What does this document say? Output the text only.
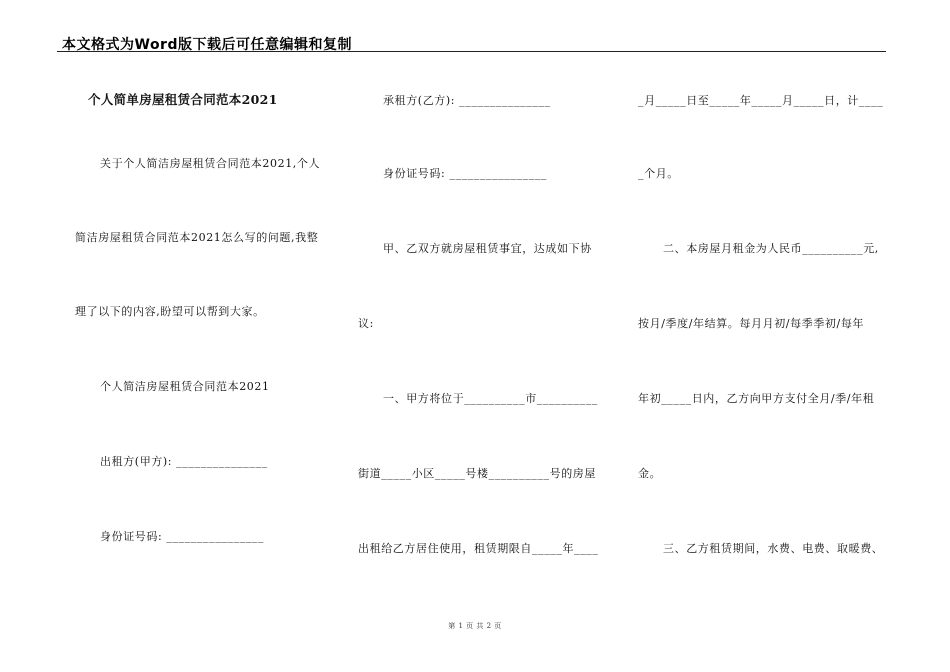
本文格式为Word版下载后可任意编辑和复制
个人简单房屋租赁合同范本2021
关于个人简洁房屋租赁合同范本2021,个人
简洁房屋租赁合同范本2021怎么写的问题,我整
理了以下的内容,盼望可以帮到大家。
个人简洁房屋租赁合同范本2021
出租方(甲方): _______________
身份证号码: ________________
承租方(乙方): _______________
身份证号码: ________________
甲、乙双方就房屋租赁事宜，达成如下协
议:
一、甲方将位于__________市__________
街道_____小区_____号楼__________号的房屋
出租给乙方居住使用，租赁期限自_____年____
_月_____日至_____年_____月_____日，计____
_个月。
二、本房屋月租金为人民币__________元,
按月/季度/年结算。每月月初/每季季初/每年
年初_____日内，乙方向甲方支付全月/季/年租
金。
三、乙方租赁期间，水费、电费、取暖费、
第 1 页 共 2 页
